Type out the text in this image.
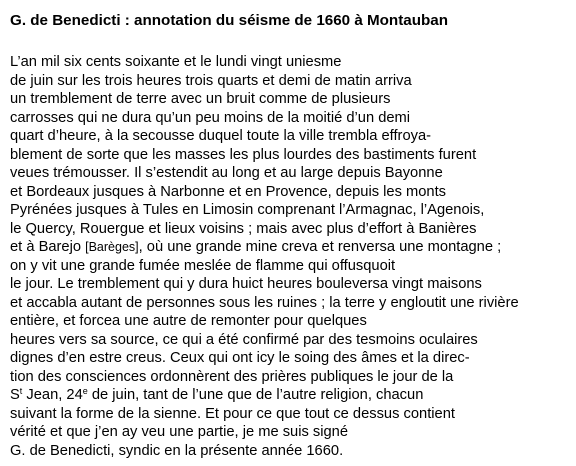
G. de Benedicti : annotation du séisme de 1660 à Montauban
L’an mil six cents soixante et le lundi vingt uniesme
de juin sur les trois heures trois quarts et demi de matin arriva
un tremblement de terre avec un bruit comme de plusieurs
carrosses qui ne dura qu’un peu moins de la moitié d’un demi
quart d’heure, à la secousse duquel toute la ville trembla effroya-
blement de sorte que les masses les plus lourdes des bastiments furent
veues trémousser. Il s’estendit au long et au large depuis Bayonne
et Bordeaux jusques à Narbonne et en Provence, depuis les monts
Pyrénées jusques à Tules en Limosin comprenant l’Armagnac, l’Agenois,
le Quercy, Rouergue et lieux voisins ; mais avec plus d’effort à Banières
et à Barejo [Barèges], où une grande mine creva et renversa une montagne ;
on y vit une grande fumée meslée de flamme qui offusquoit
le jour. Le tremblement qui y dura huict heures bouleversa vingt maisons
et accabla autant de personnes sous les ruines ; la terre y engloutit une rivière
entière, et forcea une autre de remonter pour quelques
heures vers sa source, ce qui a été confirmé par des tesmoins oculaires
dignes d’en estre creus. Ceux qui ont icy le soing des âmes et la direc-
tion des consciences ordonnèrent des prières publiques le jour de la
$S^t$ Jean, 24e de juin, tant de l’une que de l’autre religion, chacun
suivant la forme de la sienne. Et pour ce que tout ce dessus contient
vérité et que j’en ay veu une partie, je me suis signé
G. de Benedicti, syndic en la présente année 1660.
